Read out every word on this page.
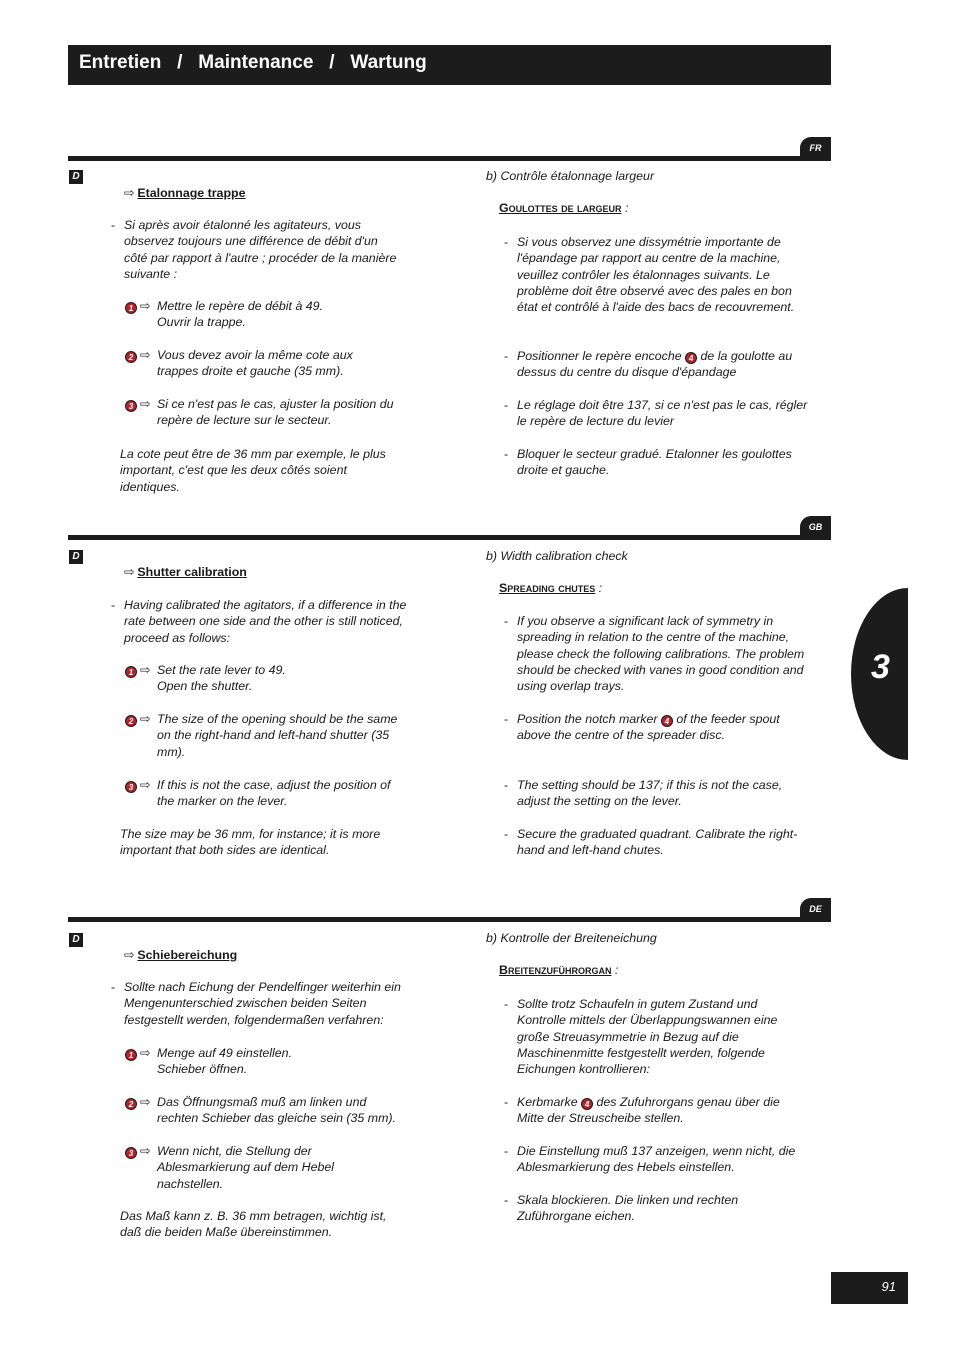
Entretien   /   Maintenance   /   Wartung
FR
D
⇨ Etalonnage trappe
- Si après avoir étalonné les agitateurs, vous observez toujours une différence de débit d'un côté par rapport à l'autre ; procéder de la manière suivante :
1 ⇨ Mettre le repère de débit à 49.
Ouvrir la trappe.
2 ⇨ Vous devez avoir la même cote aux trappes droite et gauche (35 mm).
3 ⇨ Si ce n'est pas le cas, ajuster la position du repère de lecture sur le secteur.
La cote peut être de 36 mm par exemple, le plus important, c'est que les deux côtés soient identiques.
b) Contrôle étalonnage largeur
Goulottes de largeur :
- Si vous observez une dissymétrie importante de l'épandage par rapport au centre de la machine, veuillez contrôler les étalonnages suivants. Le problème doit être observé avec des pales en bon état et contrôlé à l'aide des bacs de recouvrement.
- Positionner le repère encoche 4 de la goulotte au dessus du centre du disque d'épandage
- Le réglage doit être 137, si ce n'est pas le cas, régler le repère de lecture du levier
- Bloquer le secteur gradué. Etalonner les goulottes droite et gauche.
GB
D
⇨ Shutter calibration
- Having calibrated the agitators, if a difference in the rate between one side and the other is still noticed, proceed as follows:
1 ⇨ Set the rate lever to 49.
Open the shutter.
2 ⇨ The size of the opening should be the same on the right-hand and left-hand shutter (35 mm).
3 ⇨ If this is not the case, adjust the position of the marker on the lever.
The size may be 36 mm, for instance; it is more important that both sides are identical.
b) Width calibration check
Spreading chutes :
- If you observe a significant lack of symmetry in spreading in relation to the centre of the machine, please check the following calibrations. The problem should be checked with vanes in good condition and using overlap trays.
- Position the notch marker 4 of the feeder spout above the centre of the spreader disc.
- The setting should be 137; if this is not the case, adjust the setting on the lever.
- Secure the graduated quadrant. Calibrate the right-hand and left-hand chutes.
DE
D
⇨ Schiebereichung
- Sollte nach Eichung der Pendelfinger weiterhin ein Mengenunterschied zwischen beiden Seiten festgestellt werden, folgendermaßen verfahren:
1 ⇨ Menge auf 49 einstellen.
Schieber öffnen.
2 ⇨ Das Öffnungsmaß muß am linken und rechten Schieber das gleiche sein (35 mm).
3 ⇨ Wenn nicht, die Stellung der Ablesmarkierung auf dem Hebel nachstellen.
Das Maß kann z. B. 36 mm betragen, wichtig ist, daß die beiden Maße übereinstimmen.
b) Kontrolle der Breiteneichung
Breitenzuführorgan :
- Sollte trotz Schaufeln in gutem Zustand und Kontrolle mittels der Überlappungswannen eine große Streuasymmetrie in Bezug auf die Maschinenmitte festgestellt werden, folgende Eichungen kontrollieren:
- Kerbmarke 4 des Zufuhrorgans genau über die Mitte der Streuscheibe stellen.
- Die Einstellung muß 137 anzeigen, wenn nicht, die Ablesmarkierung des Hebels einstellen.
- Skala blockieren. Die linken und rechten Zuführorgane eichen.
3
91
